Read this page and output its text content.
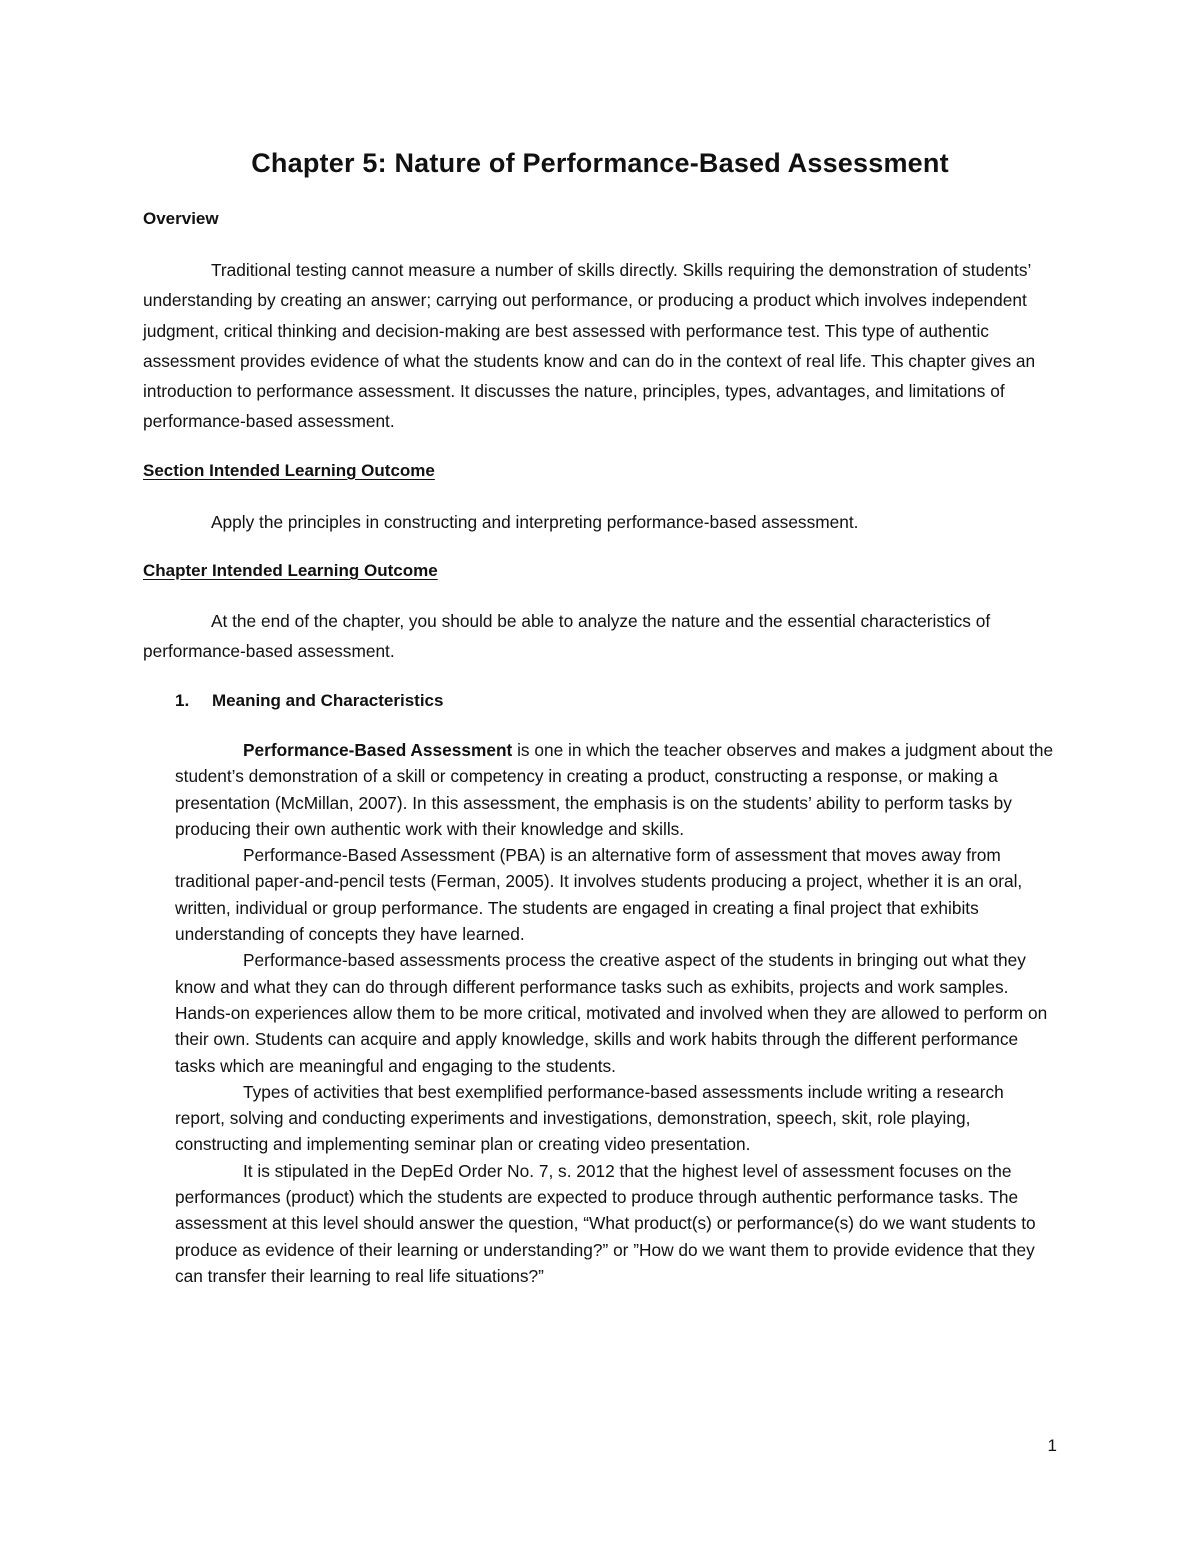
Chapter 5: Nature of Performance-Based Assessment
Overview

Traditional testing cannot measure a number of skills directly. Skills requiring the demonstration of students’ understanding by creating an answer; carrying out performance, or producing a product which involves independent judgment, critical thinking and decision-making are best assessed with performance test. This type of authentic assessment provides evidence of what the students know and can do in the context of real life. This chapter gives an introduction to performance assessment. It discusses the nature, principles, types, advantages, and limitations of performance-based assessment.

Section Intended Learning Outcome

Apply the principles in constructing and interpreting performance-based assessment.

Chapter Intended Learning Outcome

At the end of the chapter, you should be able to analyze the nature and the essential characteristics of performance-based assessment.

1. Meaning and Characteristics

Performance-Based Assessment is one in which the teacher observes and makes a judgment about the student’s demonstration of a skill or competency in creating a product, constructing a response, or making a presentation (McMillan, 2007). In this assessment, the emphasis is on the students’ ability to perform tasks by producing their own authentic work with their knowledge and skills.

Performance-Based Assessment (PBA) is an alternative form of assessment that moves away from traditional paper-and-pencil tests (Ferman, 2005). It involves students producing a project, whether it is an oral, written, individual or group performance. The students are engaged in creating a final project that exhibits understanding of concepts they have learned.

Performance-based assessments process the creative aspect of the students in bringing out what they know and what they can do through different performance tasks such as exhibits, projects and work samples. Hands-on experiences allow them to be more critical, motivated and involved when they are allowed to perform on their own. Students can acquire and apply knowledge, skills and work habits through the different performance tasks which are meaningful and engaging to the students.

Types of activities that best exemplified performance-based assessments include writing a research report, solving and conducting experiments and investigations, demonstration, speech, skit, role playing, constructing and implementing seminar plan or creating video presentation.

It is stipulated in the DepEd Order No. 7, s. 2012 that the highest level of assessment focuses on the performances (product) which the students are expected to produce through authentic performance tasks. The assessment at this level should answer the question, “What product(s) or performance(s) do we want students to produce as evidence of their learning or understanding?” or ”How do we want them to provide evidence that they can transfer their learning to real life situations?”

1
